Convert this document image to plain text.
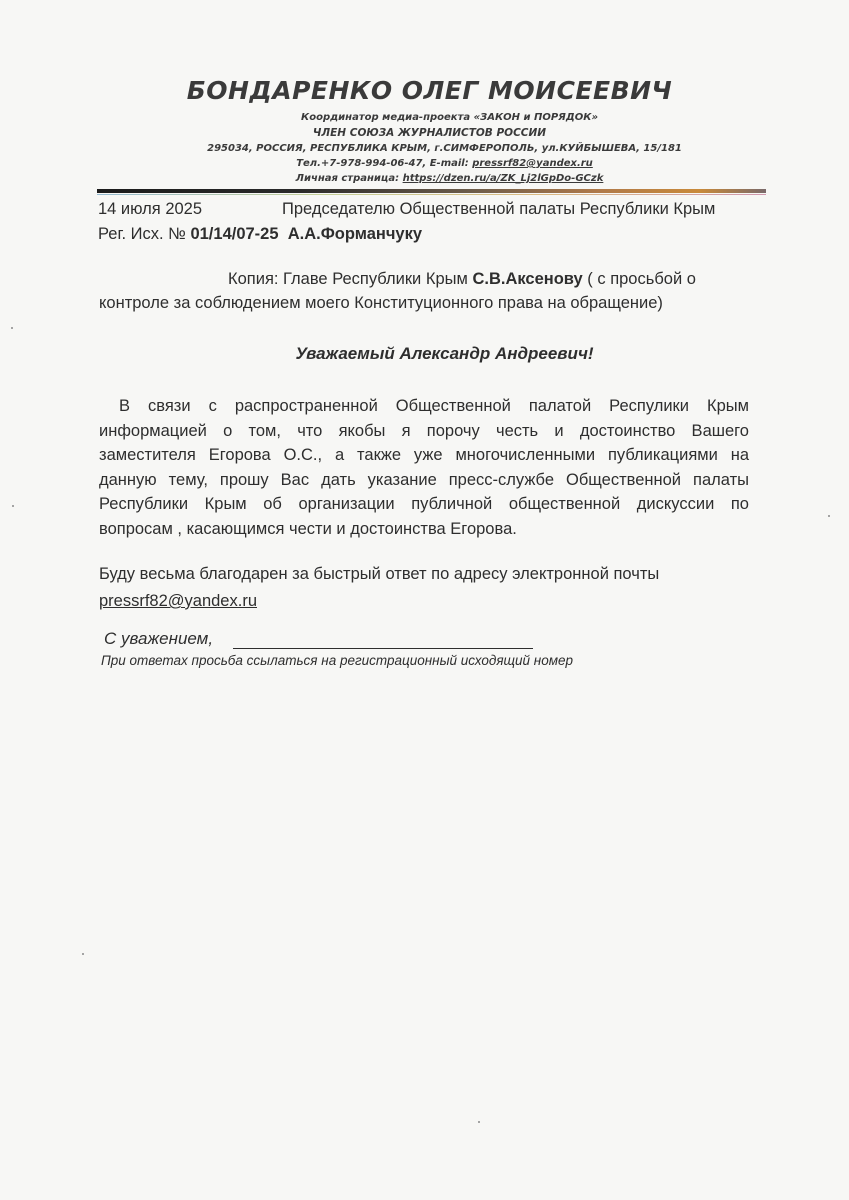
БОНДАРЕНКО ОЛЕГ МОИСЕЕВИЧ
Координатор медиа-проекта «ЗАКОН и ПОРЯДОК»
ЧЛЕН СОЮЗА ЖУРНАЛИСТОВ РОССИИ
295034, РОССИЯ, РЕСПУБЛИКА КРЫМ, г.СИМФЕРОПОЛЬ, ул.КУЙБЫШЕВА, 15/181
Тел.+7-978-994-06-47, E-mail: pressrf82@yandex.ru
Личная страница: https://dzen.ru/a/ZK_Lj2lGpDo-GCzk
14 июля 2025	Председателю Общественной палаты Республики Крым
Рег. Исх. № 01/14/07-25 А.А.Форманчуку
Копия: Главе Республики Крым С.В.Аксенову ( с просьбой о
контроле за соблюдением моего Конституционного права на обращение)
Уважаемый Александр Андреевич!
В связи с распространенной Общественной палатой Респулики Крым
информацией о том, что якобы я порочу честь и достоинство Вашего
заместителя Егорова О.С., а также уже многочисленными публикациями на
данную тему, прошу Вас дать указание пресс-службе Общественной палаты
Республики Крым об организации публичной общественной дискуссии по
вопросам , касающимся чести и достоинства Егорова.
Буду весьма благодарен за быстрый ответ по адресу электронной почты
pressrf82@yandex.ru
С уважением,
При ответах просьба ссылаться на регистрационный исходящий номер
